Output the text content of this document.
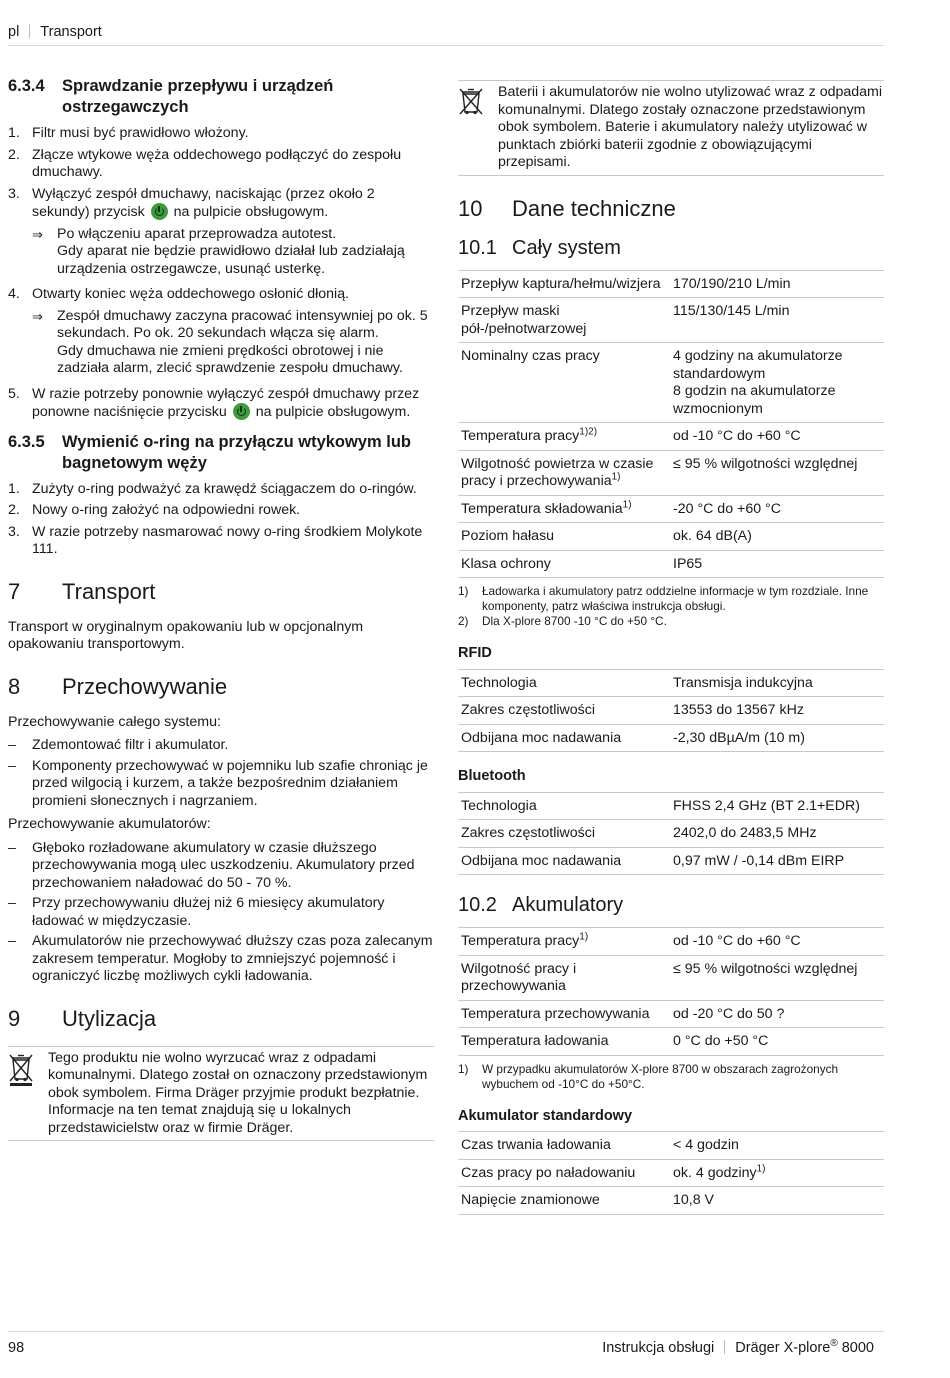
pl Transport
6.3.4	Sprawdzanie przepływu i urządzeń ostrzegawczych
1. Filtr musi być prawidłowo włożony.
2. Złącze wtykowe węża oddechowego podłączyć do zespołu dmuchawy.
3. Wyłączyć zespół dmuchawy, naciskając (przez około 2 sekundy) przycisk na pulpicie obsługowym.
⇒ Po włączeniu aparat przeprowadza autotest.

Gdy aparat nie będzie prawidłowo działał lub zadziałają urządzenia ostrzegawcze, usunąć usterkę.

4. Otwarty koniec węża oddechowego osłonić dłonią.
⇒ Zespół dmuchawy zaczyna pracować intensywniej po ok. 5 sekundach. Po ok. 20 sekundach włącza się alarm.

Gdy dmuchawa nie zmieni prędkości obrotowej i nie zadziała alarm, zlecić sprawdzenie zespołu dmuchawy.

5. W razie potrzeby ponownie wyłączyć zespół dmuchawy przez ponowne naciśnięcie przycisku na pulpicie obsługowym.
6.3.5	Wymienić o-ring na przyłączu wtykowym lub bagnetowym węży
1. Zużyty o-ring podważyć za krawędź ściągaczem do o-ringów.
2. Nowy o-ring założyć na odpowiedni rowek.
3. W razie potrzeby nasmarować nowy o-ring środkiem Molykote 111.
7	Transport

Transport w oryginalnym opakowaniu lub w opcjonalnym opakowaniu transportowym.

8	Przechowywanie

Przechowywanie całego systemu:

–	Zdemontować filtr i akumulator.
–	Komponenty przechowywać w pojemniku lub szafie chroniąc je przed wilgocią i kurzem, a także bezpośrednim działaniem promieni słonecznych i nagrzaniem.

Przechowywanie akumulatorów:

–	Głęboko rozładowane akumulatory w czasie dłuższego przechowywania mogą ulec uszkodzeniu. Akumulatory przed przechowaniem naładować do 50 - 70 %.
–	Przy przechowywaniu dłużej niż 6 miesięcy akumulatory ładować w międzyczasie.
–	Akumulatorów nie przechowywać dłuższy czas poza zalecanym zakresem temperatur. Mogłoby to zmniejszyć pojemność i ograniczyć liczbę możliwych cykli ładowania.
9	Utylizacja
Tego produktu nie wolno wyrzucać wraz z odpadami komunalnymi. Dlatego został on oznaczony przedstawionym obok symbolem. Firma Dräger przyjmie produkt bezpłatnie. Informacje na ten temat znajdują się u lokalnych przedstawicielstw oraz w firmie Dräger.
Baterii i akumulatorów nie wolno utylizować wraz z odpadami komunalnymi. Dlatego zostały oznaczone przedstawionym obok symbolem. Baterie i akumulatory należy utylizować w punktach zbiórki baterii zgodnie z obowiązującymi przepisami.
10	Dane techniczne
10.1 Cały system
Przepływ kaptura/hełmu/wizjera	170/190/210 L/min
Przepływ maski pół-/pełnotwarzowej	115/130/145 L/min
Nominalny czas pracy	4 godziny na akumulatorze standardowym
8 godzin na akumulatorze wzmocnionym
Temperatura pracy$^{1)2)}$	od -10 °C do +60 °C
Wilgotność powietrza w czasie pracy i przechowywania$^{1)}$	≤ 95 % wilgotności względnej
Temperatura składowania$^{1)}$	-20 °C do +60 °C
Poziom hałasu	ok. 64 dB(A)
Klasa ochrony	IP65
1)	Ładowarka i akumulatory patrz oddzielne informacje w tym rozdziale. Inne komponenty, patrz właściwa instrukcja obsługi.
2)	Dla X-plore 8700 -10 °C do +50 °C.
RFID
Technologia	Transmisja indukcyjna
Zakres częstotliwości	13553 do 13567 kHz
Odbijana moc nadawania	-2,30 dBµA/m (10 m)
Bluetooth
Technologia	FHSS 2,4 GHz (BT 2.1+EDR)
Zakres częstotliwości	2402,0 do 2483,5 MHz
Odbijana moc nadawania	0,97 mW / -0,14 dBm EIRP
10.2 Akumulatory
Temperatura pracy$^{1)}$	od -10 °C do +60 °C
Wilgotność pracy i przechowywania	≤ 95 % wilgotności względnej
Temperatura przechowywania	od -20 °C do 50 ?
Temperatura ładowania	0 °C do +50 °C
1)	W przypadku akumulatorów X-plore 8700 w obszarach zagrożonych wybuchem od -10°C do +50°C.
Akumulator standardowy
Czas trwania ładowania	< 4 godzin
Czas pracy po naładowaniu	ok. 4 godziny$^{1)}$
Napięcie znamionowe	10,8 V
98	Instrukcja obsługi Dräger X-plore® 8000
